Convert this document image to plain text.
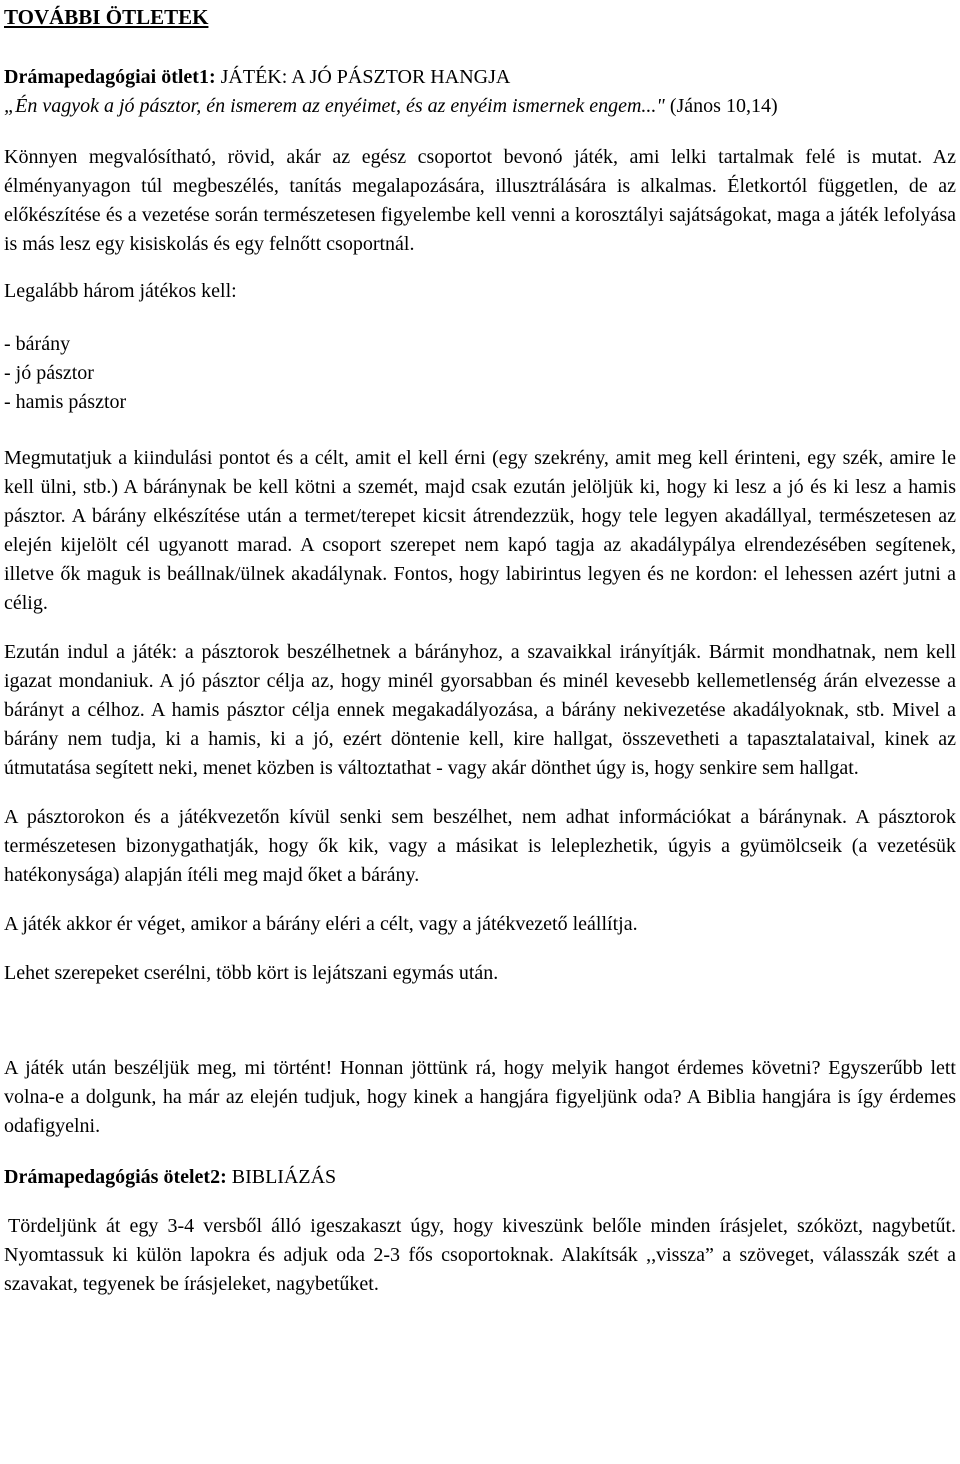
TOVÁBBI ÖTLETEK
Drámapedagógiai ötlet1: JÁTÉK: A JÓ PÁSZTOR HANGJA
„Én vagyok a jó pásztor, én ismerem az enyéimet, és az enyéim ismernek engem..." (János 10,14)

Könnyen megvalósítható, rövid, akár az egész csoportot bevonó játék, ami lelki tartalmak felé is mutat. Az élményanyagon túl megbeszélés, tanítás megalapozására, illusztrálására is alkalmas. Életkortól független, de az előkészítése és a vezetése során természetesen figyelembe kell venni a korosztályi sajátságokat, maga a játék lefolyása is más lesz egy kisiskolás és egy felnőtt csoportnál.

Legalább három játékos kell:

- bárány
- jó pásztor
- hamis pásztor

Megmutatjuk a kiindulási pontot és a célt, amit el kell érni (egy szekrény, amit meg kell érinteni, egy szék, amire le kell ülni, stb.) A báránynak be kell kötni a szemét, majd csak ezután jelöljük ki, hogy ki lesz a jó és ki lesz a hamis pásztor. A bárány elkészítése után a termet/terepet kicsit átrendezzük, hogy tele legyen akadállyal, természetesen az elején kijelölt cél ugyanott marad. A csoport szerepet nem kapó tagja az akadálypálya elrendezésében segítenek, illetve ők maguk is beállnak/ülnek akadálynak. Fontos, hogy labirintus legyen és ne kordon: el lehessen azért jutni a célig.

Ezután indul a játék: a pásztorok beszélhetnek a bárányhoz, a szavaikkal irányítják. Bármit mondhatnak, nem kell igazat mondaniuk. A jó pásztor célja az, hogy minél gyorsabban és minél kevesebb kellemetlenség árán elvezesse a bárányt a célhoz. A hamis pásztor célja ennek megakadályozása, a bárány nekivezetése akadályoknak, stb. Mivel a bárány nem tudja, ki a hamis, ki a jó, ezért döntenie kell, kire hallgat, összevetheti a tapasztalataival, kinek az útmutatása segített neki, menet közben is változtathat - vagy akár dönthet úgy is, hogy senkire sem hallgat.

A pásztorokon és a játékvezetőn kívül senki sem beszélhet, nem adhat információkat a báránynak. A pásztorok természetesen bizonygathatják, hogy ők kik, vagy a másikat is leleplezhetik, úgyis a gyümölcseik (a vezetésük hatékonysága) alapján ítéli meg majd őket a bárány.

A játék akkor ér véget, amikor a bárány eléri a célt, vagy a játékvezető leállítja.

Lehet szerepeket cserélni, több kört is lejátszani egymás után.

A játék után beszéljük meg, mi történt! Honnan jöttünk rá, hogy melyik hangot érdemes követni? Egyszerűbb lett volna-e a dolgunk, ha már az elején tudjuk, hogy kinek a hangjára figyeljünk oda? A Biblia hangjára is így érdemes odafigyelni.

Drámapedagógiás ötelet2: BIBLIÁZÁS

Tördeljünk át egy 3-4 versből álló igeszakaszt úgy, hogy kiveszünk belőle minden írásjelet, szóközt, nagybetűt. Nyomtassuk ki külön lapokra és adjuk oda 2-3 fős csoportoknak. Alakítsák ,,vissza” a szöveget, válasszák szét a szavakat, tegyenek be írásjeleket, nagybetűket.
